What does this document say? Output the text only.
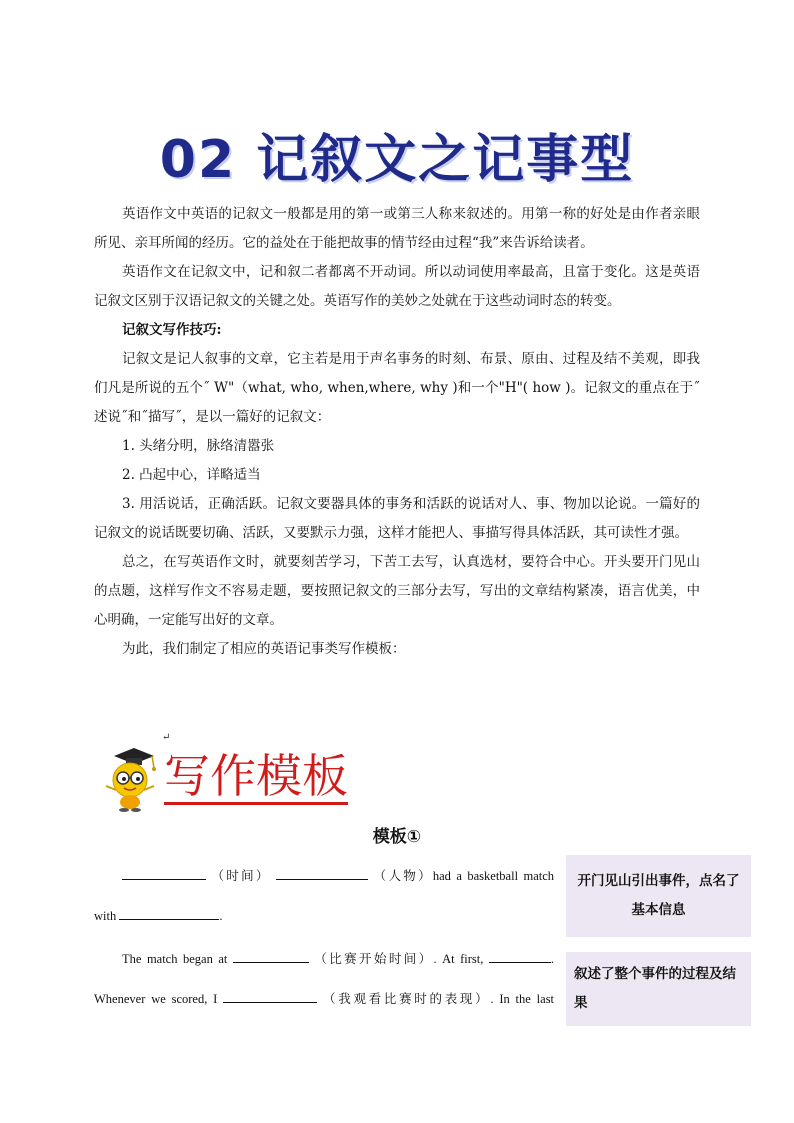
02 记叙文之记事型

英语作文中英语的记叙文一般都是用的第一或第三人称来叙述的。用第一称的好处是由作者亲眼所见、亲耳所闻的经历。它的益处在于能把故事的情节经由过程“我”来告诉给读者。

英语作文在记叙文中，记和叙二者都离不开动词。所以动词使用率最高，且富于变化。这是英语记叙文区别于汉语记叙文的关键之处。英语写作的美妙之处就在于这些动词时态的转变。

记叙文写作技巧:

记叙文是记人叙事的文章，它主若是用于声名事务的时刻、布景、原由、过程及结不美观，即我们凡是所说的五个˝ W"（what, who, when,where, why )和一个"H"( how )。记叙文的重点在于˝述说˝和˝描写˝，是以一篇好的记叙文：

1. 头绪分明，脉络清嚣张

2. 凸起中心，详略适当

3. 用活说话，正确活跃。记叙文要器具体的事务和活跃的说话对人、事、物加以论说。一篇好的记叙文的说话既要切确、活跃，又要默示力强，这样才能把人、事描写得具体活跃，其可读性才强。

总之，在写英语作文时，就要刻苦学习，下苦工去写，认真选材，要符合中心。开头要开门见山的点题，这样写作文不容易走题，要按照记叙文的三部分去写，写出的文章结构紧凑，语言优美，中心明确，一定能写出好的文章。

为此，我们制定了相应的英语记事类写作模板：

↵
写作模板
模板①

（时间）	（人物）had a basketball match

with	.

The match began at	（比赛开始时间）. At first,	.

Whenever we scored, I	（我观看比赛时的表现）. In the last

开门见山引出事件，点名了基本信息
叙述了整个事件的过程及结果
